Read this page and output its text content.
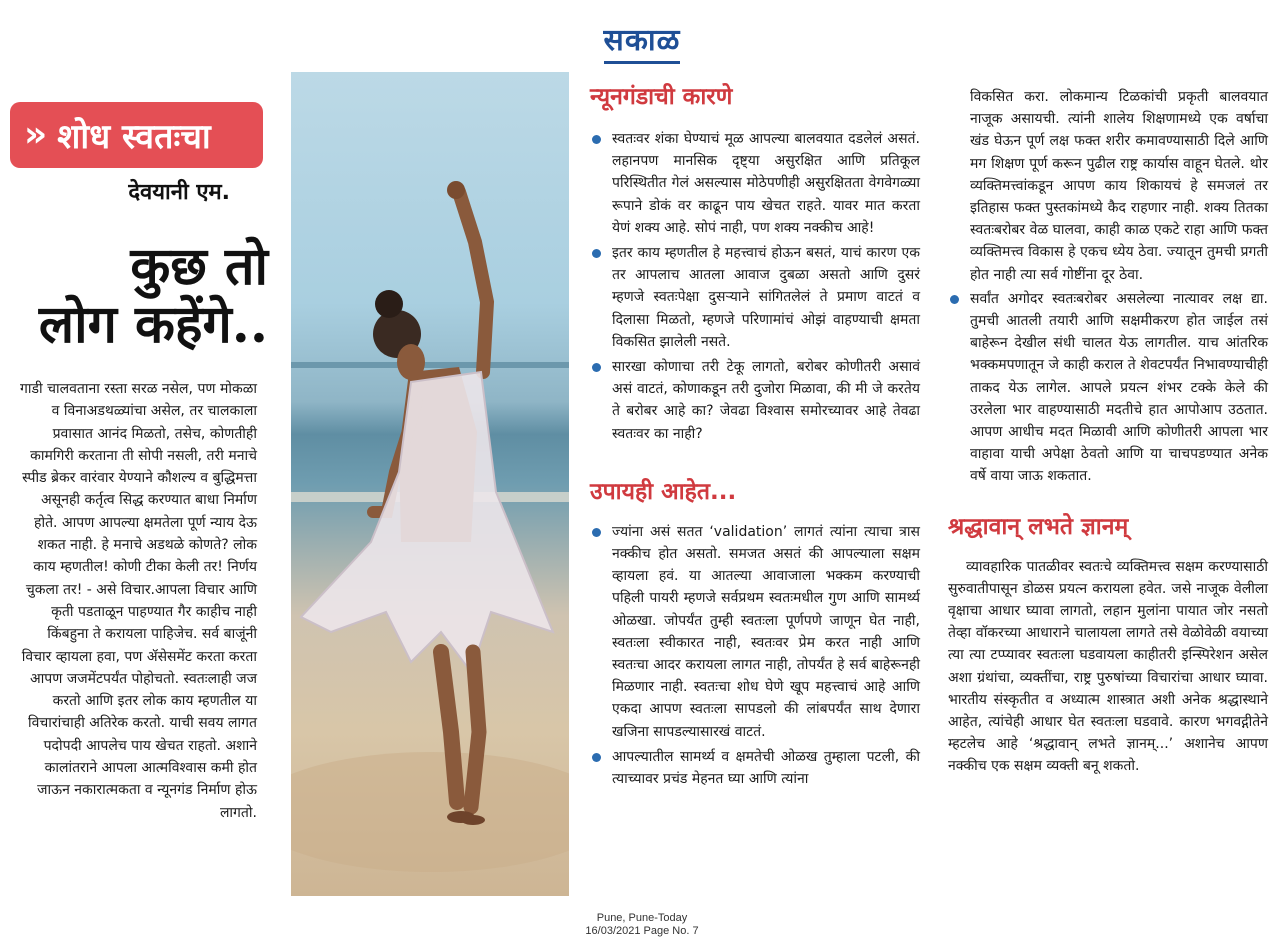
सकाळ
» शोध स्वतःचा
देवयानी एम.
कुछ तो
लोग कहेंगे..
गाडी चालवताना रस्ता सरळ नसेल, पण मोकळा व विनाअडथळ्यांचा असेल, तर चालकाला प्रवासात आनंद मिळतो, तसेच, कोणतीही कामगिरी करताना ती सोपी नसली, तरी मनाचे स्पीड ब्रेकर वारंवार येण्याने कौशल्य व बुद्धिमत्ता असूनही कर्तृत्व सिद्ध करण्यात बाधा निर्माण होते. आपण आपल्या क्षमतेला पूर्ण न्याय देऊ शकत नाही. हे मनाचे अडथळे कोणते? लोक काय म्हणतील! कोणी टीका केली तर! निर्णय चुकला तर! - असे विचार.आपला विचार आणि कृती पडताळून पाहण्यात गैर काहीच नाही किंबहुना ते करायला पाहिजेच. सर्व बाजूंनी विचार व्हायला हवा, पण ॲसेसमेंट करता करता आपण जजमेंटपर्यंत पोहोचतो. स्वतःलाही जज करतो आणि इतर लोक काय म्हणतील या विचारांचाही अतिरेक करतो. याची सवय लागत पदोपदी आपलेच पाय खेचत राहतो. अशाने कालांतराने आपला आत्मविश्वास कमी होत जाऊन नकारात्मकता व न्यूनगंड निर्माण होऊ लागतो.
न्यूनगंडाची कारणे
स्वतःवर शंका घेण्याचं मूळ आपल्या बालवयात दडलेलं असतं. लहानपण मानसिक दृष्ट्या असुरक्षित आणि प्रतिकूल परिस्थितीत गेलं असल्यास मोठेपणीही असुरक्षितता वेगवेगळ्या रूपाने डोकं वर काढून पाय खेचत राहते. यावर मात करता येणं शक्य आहे. सोपं नाही, पण शक्य नक्कीच आहे!
इतर काय म्हणतील हे महत्त्वाचं होऊन बसतं, याचं कारण एक तर आपलाच आतला आवाज दुबळा असतो आणि दुसरं म्हणजे स्वतःपेक्षा दुसऱ्याने सांगितलेलं ते प्रमाण वाटतं व दिलासा मिळतो, म्हणजे परिणामांचं ओझं वाहण्याची क्षमता विकसित झालेली नसते.
सारखा कोणाचा तरी टेकू लागतो, बरोबर कोणीतरी असावं असं वाटतं, कोणाकडून तरी दुजोरा मिळावा, की मी जे करतेय ते बरोबर आहे का? जेवढा विश्वास समोरच्यावर आहे तेवढा स्वतःवर का नाही?
उपायही आहेत...
ज्यांना असं सतत ‘validation’ लागतं त्यांना त्याचा त्रास नक्कीच होत असतो. समजत असतं की आपल्याला सक्षम व्हायला हवं. या आतल्या आवाजाला भक्कम करण्याची पहिली पायरी म्हणजे सर्वप्रथम स्वतःमधील गुण आणि सामर्थ्य ओळखा. जोपर्यंत तुम्ही स्वतःला पूर्णपणे जाणून घेत नाही, स्वतःला स्वीकारत नाही, स्वतःवर प्रेम करत नाही आणि स्वतःचा आदर करायला लागत नाही, तोपर्यंत हे सर्व बाहेरूनही मिळणार नाही. स्वतःचा शोध घेणे खूप महत्त्वाचं आहे आणि एकदा आपण स्वतःला सापडलो की लांबपर्यंत साथ देणारा खजिना सापडल्यासारखं वाटतं.
आपल्यातील सामर्थ्य व क्षमतेची ओळख तुम्हाला पटली, की त्याच्यावर प्रचंड मेहनत घ्या आणि त्यांना

विकसित करा. लोकमान्य टिळकांची प्रकृती बालवयात नाजूक असायची. त्यांनी शालेय शिक्षणामध्ये एक वर्षाचा खंड घेऊन पूर्ण लक्ष फक्त शरीर कमावण्यासाठी दिले आणि मग शिक्षण पूर्ण करून पुढील राष्ट्र कार्यास वाहून घेतले. थोर व्यक्तिमत्त्वांकडून आपण काय शिकायचं हे समजलं तर इतिहास फक्त पुस्तकांमध्ये कैद राहणार नाही. शक्य तितका स्वतःबरोबर वेळ घालवा, काही काळ एकटे राहा आणि फक्त व्यक्तिमत्त्व विकास हे एकच ध्येय ठेवा. ज्यातून तुमची प्रगती होत नाही त्या सर्व गोष्टींना दूर ठेवा.

सर्वांत अगोदर स्वतःबरोबर असलेल्या नात्यावर लक्ष द्या. तुमची आतली तयारी आणि सक्षमीकरण होत जाईल तसं बाहेरून देखील संधी चालत येऊ लागतील. याच आंतरिक भक्कमपणातून जे काही कराल ते शेवटपर्यंत निभावण्याचीही ताकद येऊ लागेल. आपले प्रयत्न शंभर टक्के केले की उरलेला भार वाहण्यासाठी मदतीचे हात आपोआप उठतात. आपण आधीच मदत मिळावी आणि कोणीतरी आपला भार वाहावा याची अपेक्षा ठेवतो आणि या चाचपडण्यात अनेक वर्षे वाया जाऊ शकतात.
श्रद्धावान् लभते ज्ञानम्

व्यावहारिक पातळीवर स्वतःचे व्यक्तिमत्त्व सक्षम करण्यासाठी सुरुवातीपासून डोळस प्रयत्न करायला हवेत. जसे नाजूक वेलीला वृक्षाचा आधार घ्यावा लागतो, लहान मुलांना पायात जोर नसतो तेव्हा वॉकरच्या आधाराने चालायला लागते तसे वेळोवेळी वयाच्या त्या त्या टप्प्यावर स्वतःला घडवायला काहीतरी इन्स्पिरेशन असेल अशा ग्रंथांचा, व्यक्तींचा, राष्ट्र पुरुषांच्या विचारांचा आधार घ्यावा. भारतीय संस्कृतीत व अध्यात्म शास्त्रात अशी अनेक श्रद्धास्थाने आहेत, त्यांचेही आधार घेत स्वतःला घडवावे. कारण भगवद्गीतेने म्हटलेच आहे ‘श्रद्धावान् लभते ज्ञानम्...’ अशानेच आपण नक्कीच एक सक्षम व्यक्ती बनू शकतो.

Pune, Pune-Today
16/03/2021 Page No. 7
